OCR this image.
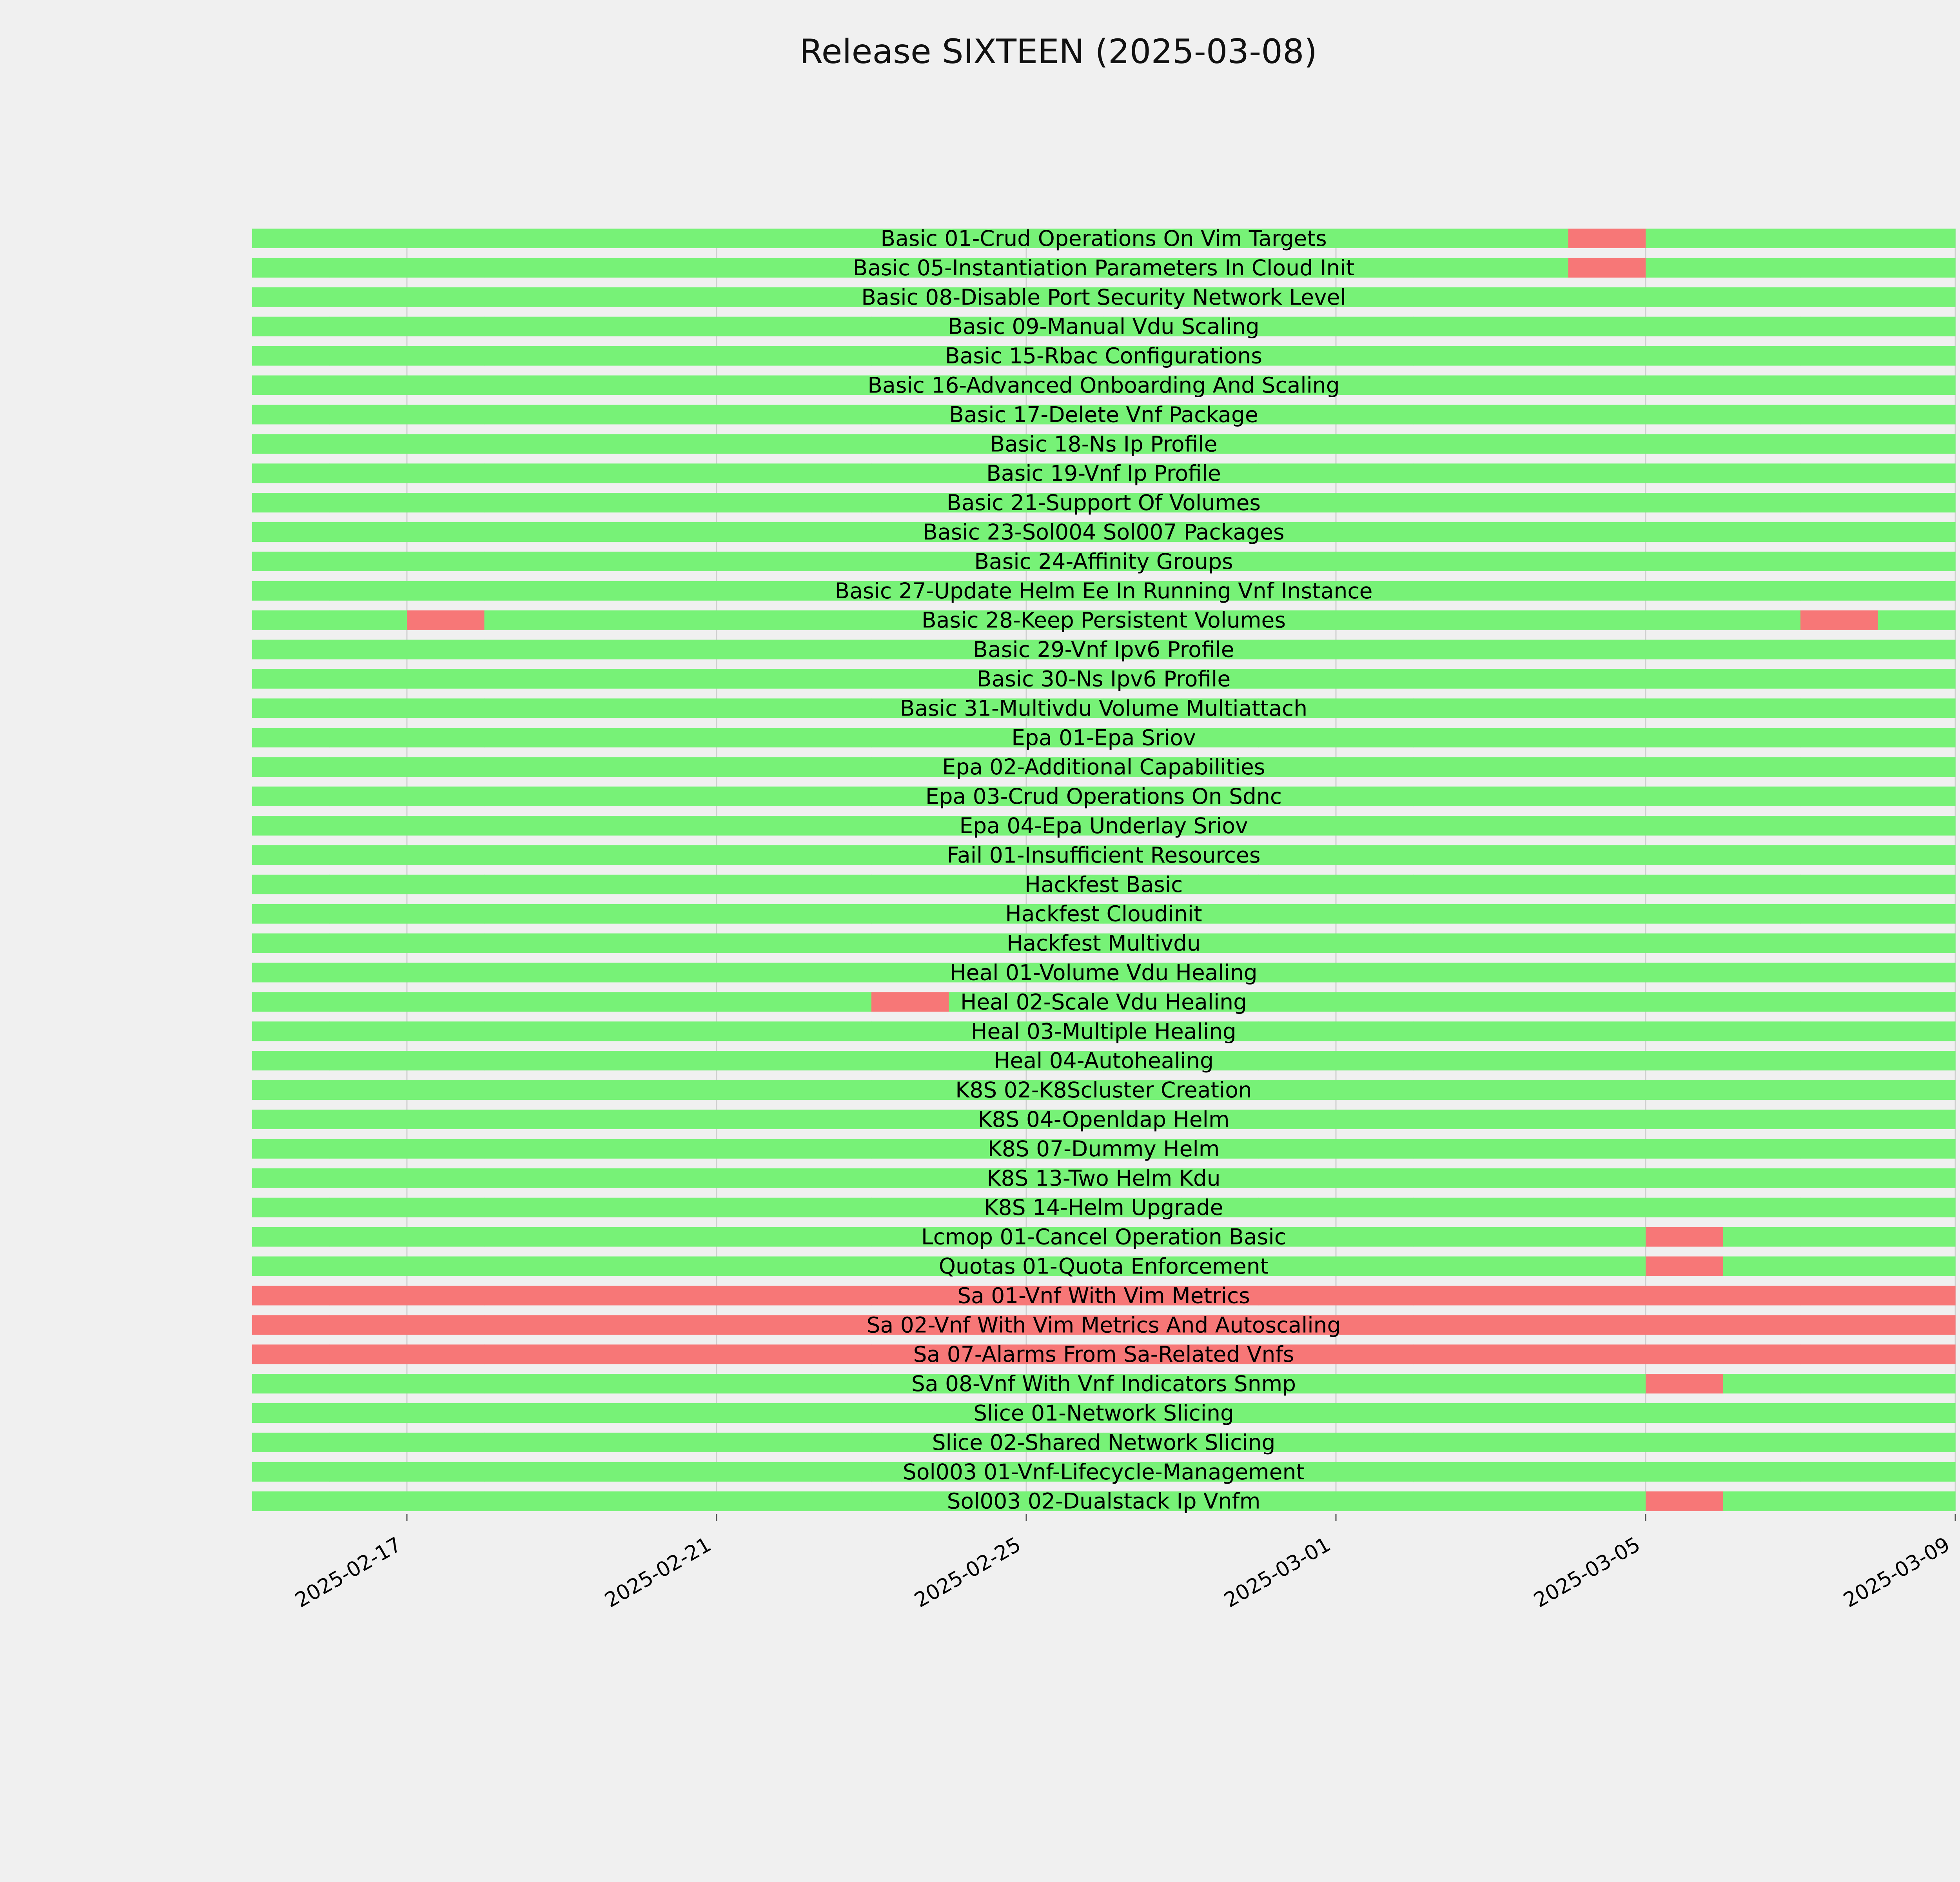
Release SIXTEEN (2025-03-08)
Basic 01-Crud Operations On Vim Targets
Basic 05-Instantiation Parameters In Cloud Init
Basic 08-Disable Port Security Network Level
Basic 09-Manual Vdu Scaling
Basic 15-Rbac Configurations
Basic 16-Advanced Onboarding And Scaling
Basic 17-Delete Vnf Package
Basic 18-Ns Ip Profile
Basic 19-Vnf Ip Profile
Basic 21-Support Of Volumes
Basic 23-Sol004 Sol007 Packages
Basic 24-Affinity Groups
Basic 27-Update Helm Ee In Running Vnf Instance
Basic 28-Keep Persistent Volumes
Basic 29-Vnf Ipv6 Profile
Basic 30-Ns Ipv6 Profile
Basic 31-Multivdu Volume Multiattach
Epa 01-Epa Sriov
Epa 02-Additional Capabilities
Epa 03-Crud Operations On Sdnc
Epa 04-Epa Underlay Sriov
Fail 01-Insufficient Resources
Hackfest Basic
Hackfest Cloudinit
Hackfest Multivdu
Heal 01-Volume Vdu Healing
Heal 02-Scale Vdu Healing
Heal 03-Multiple Healing
Heal 04-Autohealing
K8S 02-K8Scluster Creation
K8S 04-Openldap Helm
K8S 07-Dummy Helm
K8S 13-Two Helm Kdu
K8S 14-Helm Upgrade
Lcmop 01-Cancel Operation Basic
Quotas 01-Quota Enforcement
Sa 01-Vnf With Vim Metrics
Sa 02-Vnf With Vim Metrics And Autoscaling
Sa 07-Alarms From Sa-Related Vnfs
Sa 08-Vnf With Vnf Indicators Snmp
Slice 01-Network Slicing
Slice 02-Shared Network Slicing
Sol003 01-Vnf-Lifecycle-Management
Sol003 02-Dualstack Ip Vnfm
2025-02-17	2025-02-21	2025-02-25	2025-03-01	2025-03-05	2025-03-09
